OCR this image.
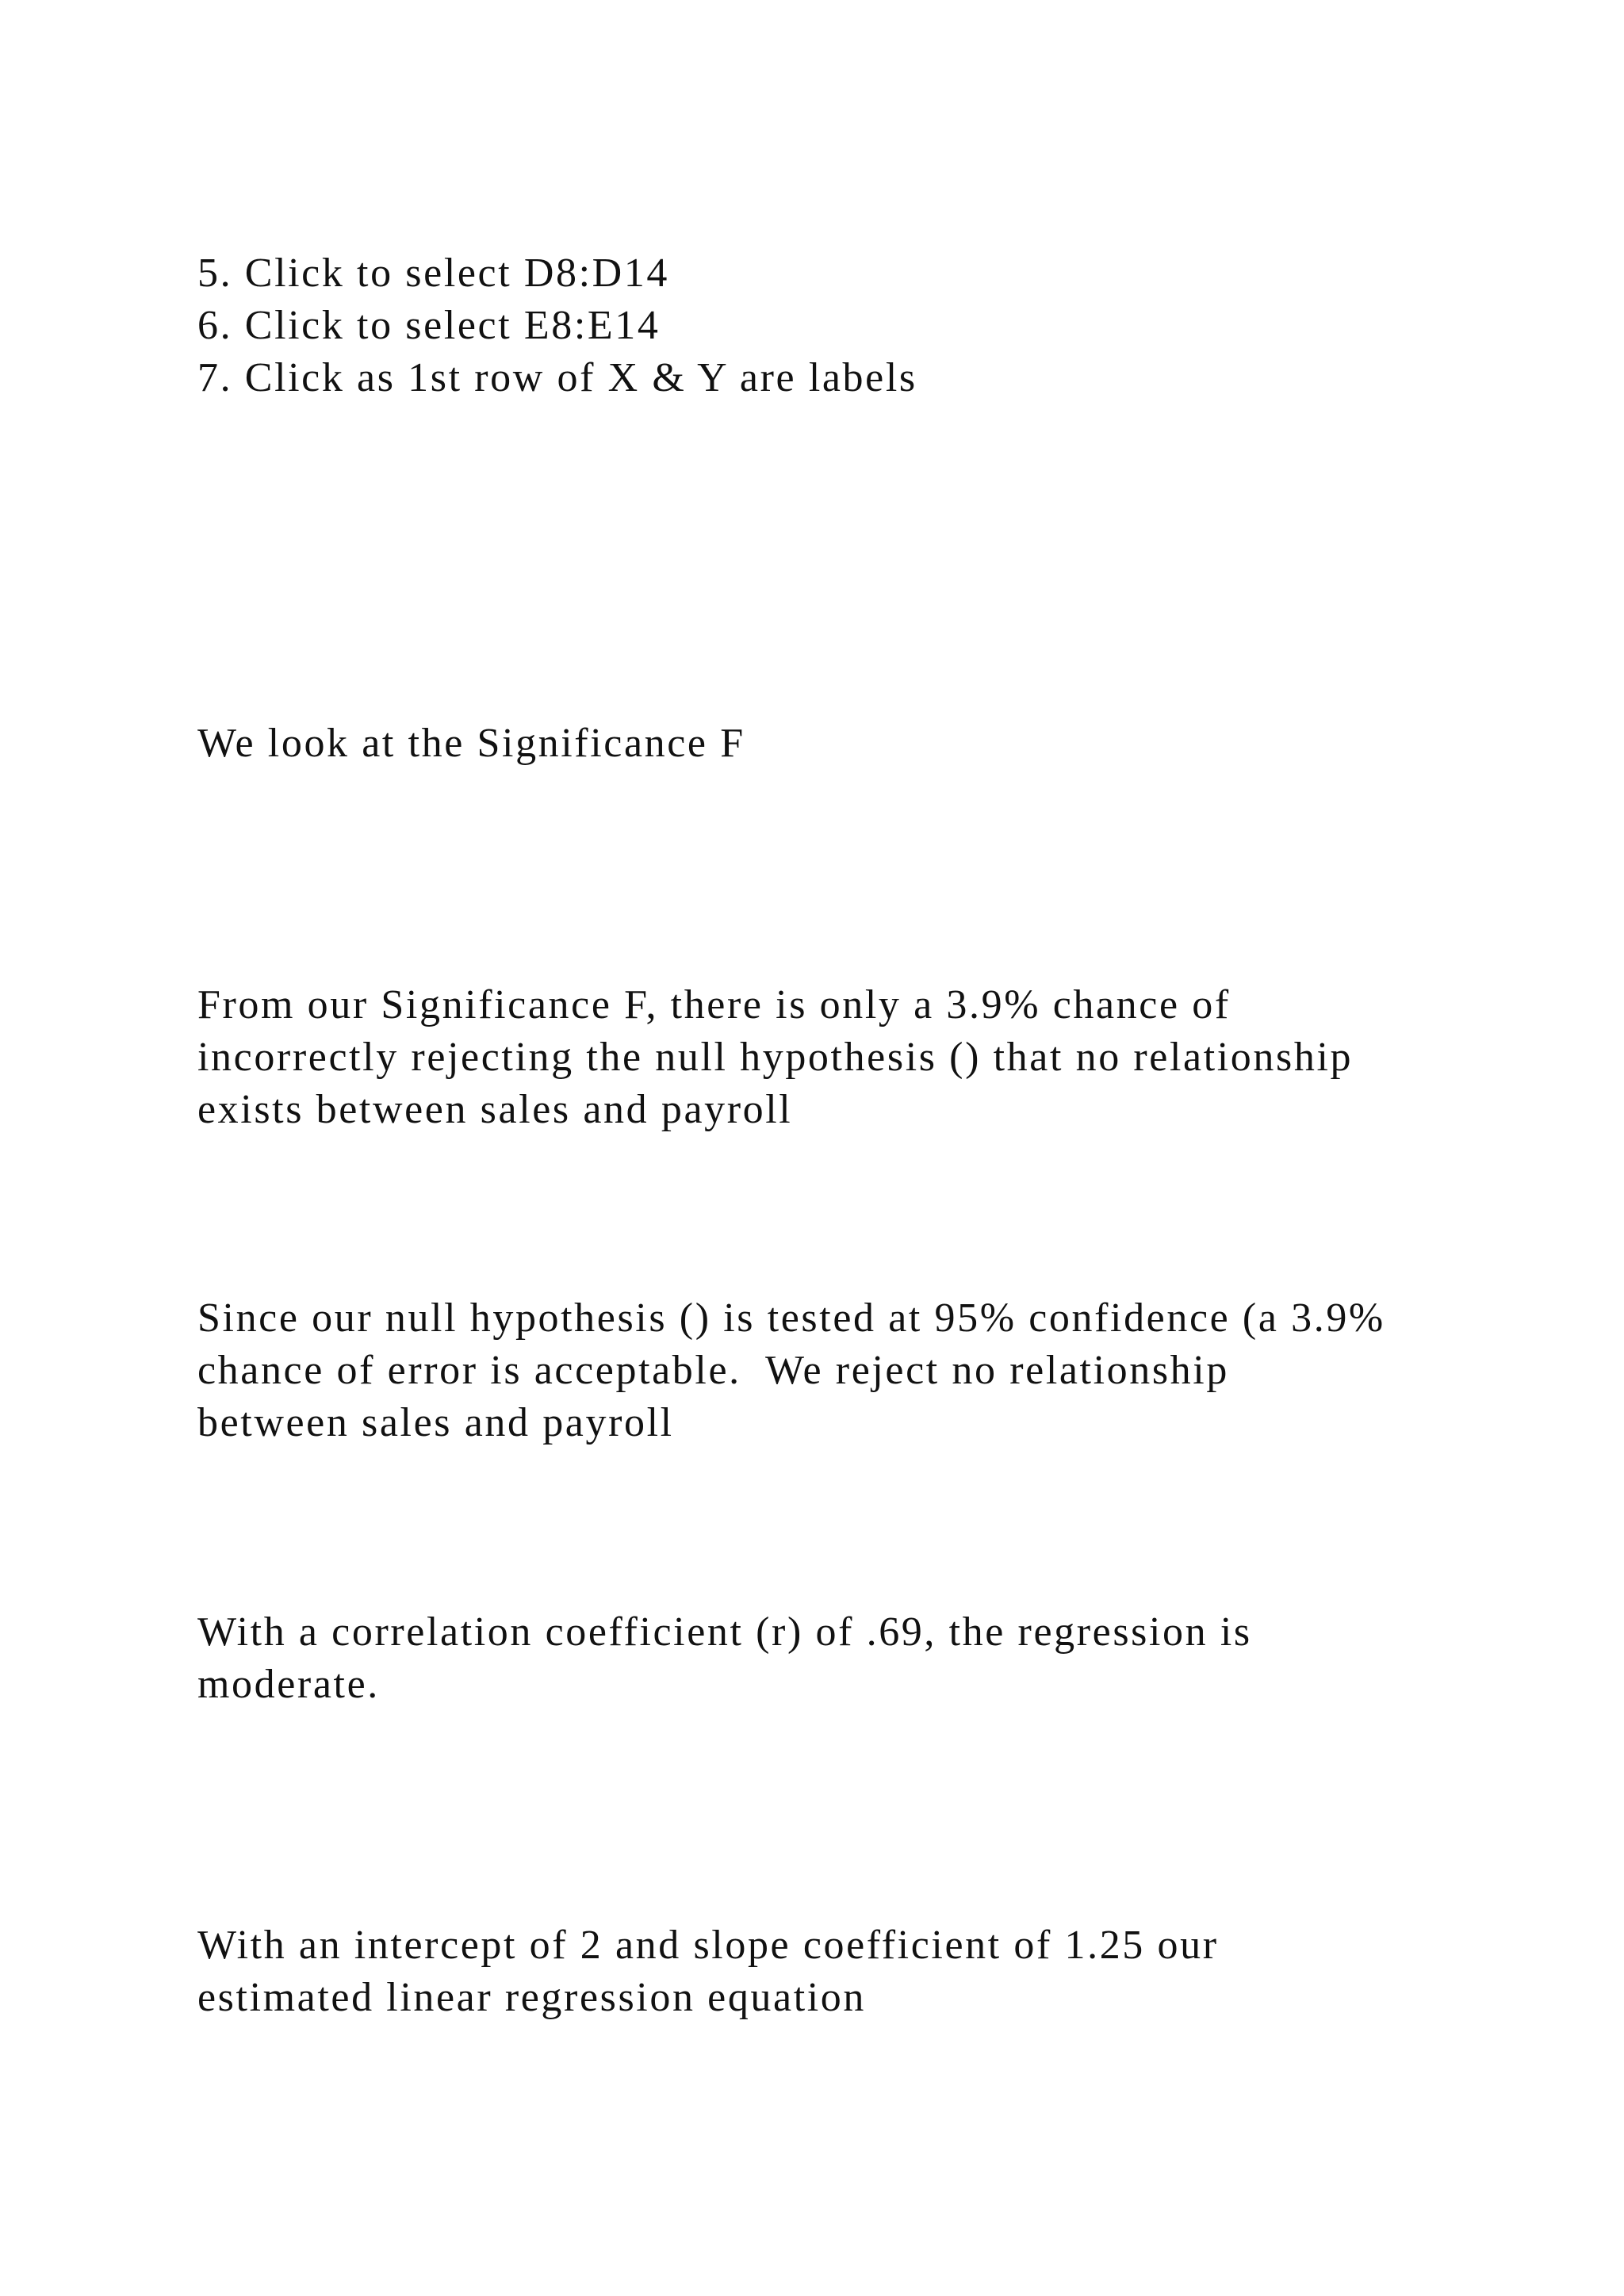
5. Click to select D8:D14

6. Click to select E8:E14

7. Click as 1st row of X & Y are labels

We look at the Significance F

From our Significance F, there is only a 3.9% chance of

incorrectly rejecting the null hypothesis () that no relationship

exists between sales and payroll

Since our null hypothesis () is tested at 95% confidence (a 3.9%

chance of error is acceptable.  We reject no relationship

between sales and payroll

With a correlation coefficient (r) of .69, the regression is

moderate.

With an intercept of 2 and slope coefficient of 1.25 our

estimated linear regression equation
